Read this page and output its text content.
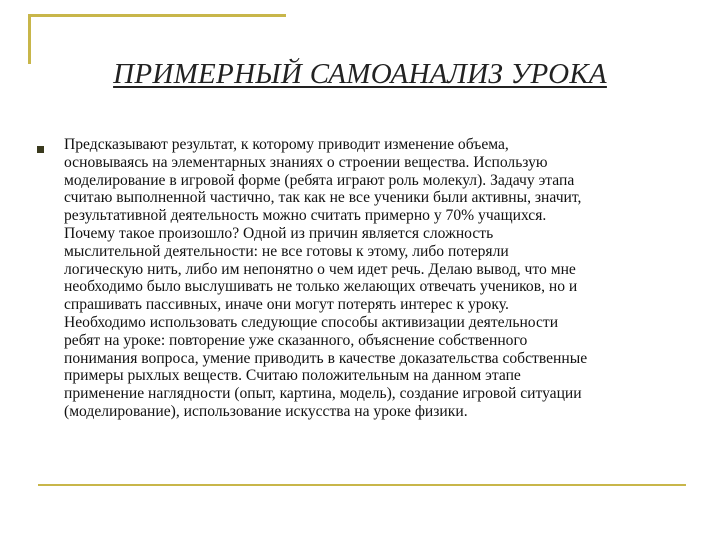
ПРИМЕРНЫЙ САМОАНАЛИЗ УРОКА
Предсказывают результат, к которому приводит изменение объема,
основываясь на элементарных знаниях о строении вещества. Использую
моделирование в игровой форме (ребята играют роль молекул). Задачу этапа
считаю выполненной частично, так как не все ученики были активны, значит,
результативной деятельность можно считать примерно у 70% учащихся.
Почему такое произошло? Одной из причин является сложность
мыслительной деятельности: не все готовы к этому, либо потеряли
логическую нить, либо им непонятно о чем идет речь. Делаю вывод, что мне
необходимо было выслушивать не только желающих отвечать учеников, но и
спрашивать пассивных, иначе они могут потерять интерес к уроку.
Необходимо использовать следующие способы активизации деятельности
ребят на уроке: повторение уже сказанного, объяснение собственного
понимания вопроса, умение приводить в качестве доказательства собственные
примеры рыхлых веществ. Считаю положительным на данном этапе
применение наглядности (опыт, картина, модель), создание игровой ситуации
(моделирование), использование искусства на уроке физики.
